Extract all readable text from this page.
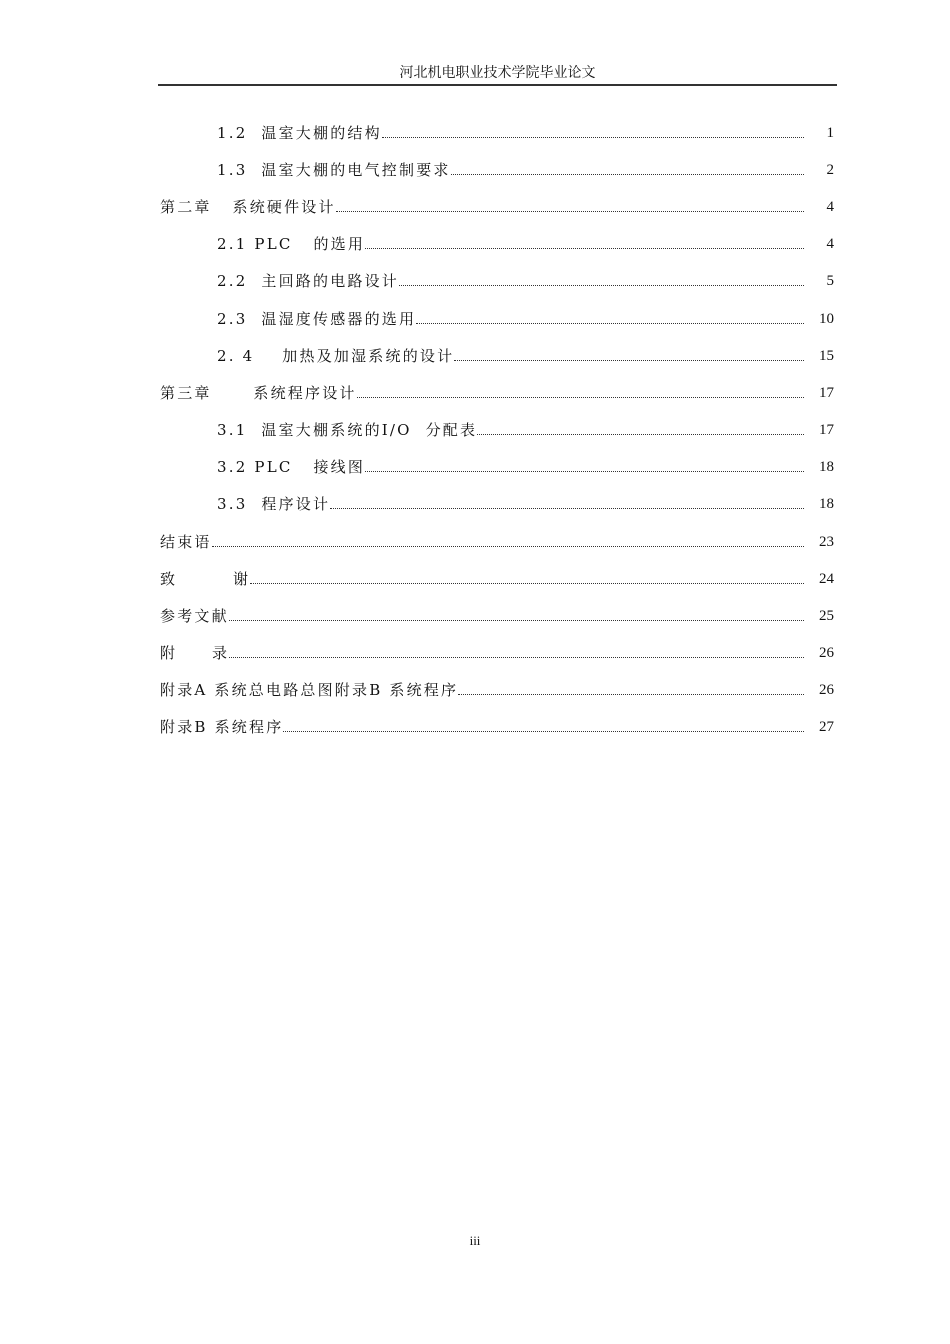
河北机电职业技术学院毕业论文
1.2  温室大棚的结构	1
1.3  温室大棚的电气控制要求	2
第二章   系统硬件设计	4
2.1 PLC   的选用	4
2.2  主回路的电路设计	5
2.3  温湿度传感器的选用	10
2. 4    加热及加湿系统的设计	15
第三章      系统程序设计	17
3.1  温室大棚系统的I/O  分配表	17
3.2 PLC   接线图	18
3.3  程序设计	18
结束语	23
致        谢	24
参考文献	25
附     录	26
附录A 系统总电路总图附录B 系统程序	26
附录B 系统程序	27
iii
